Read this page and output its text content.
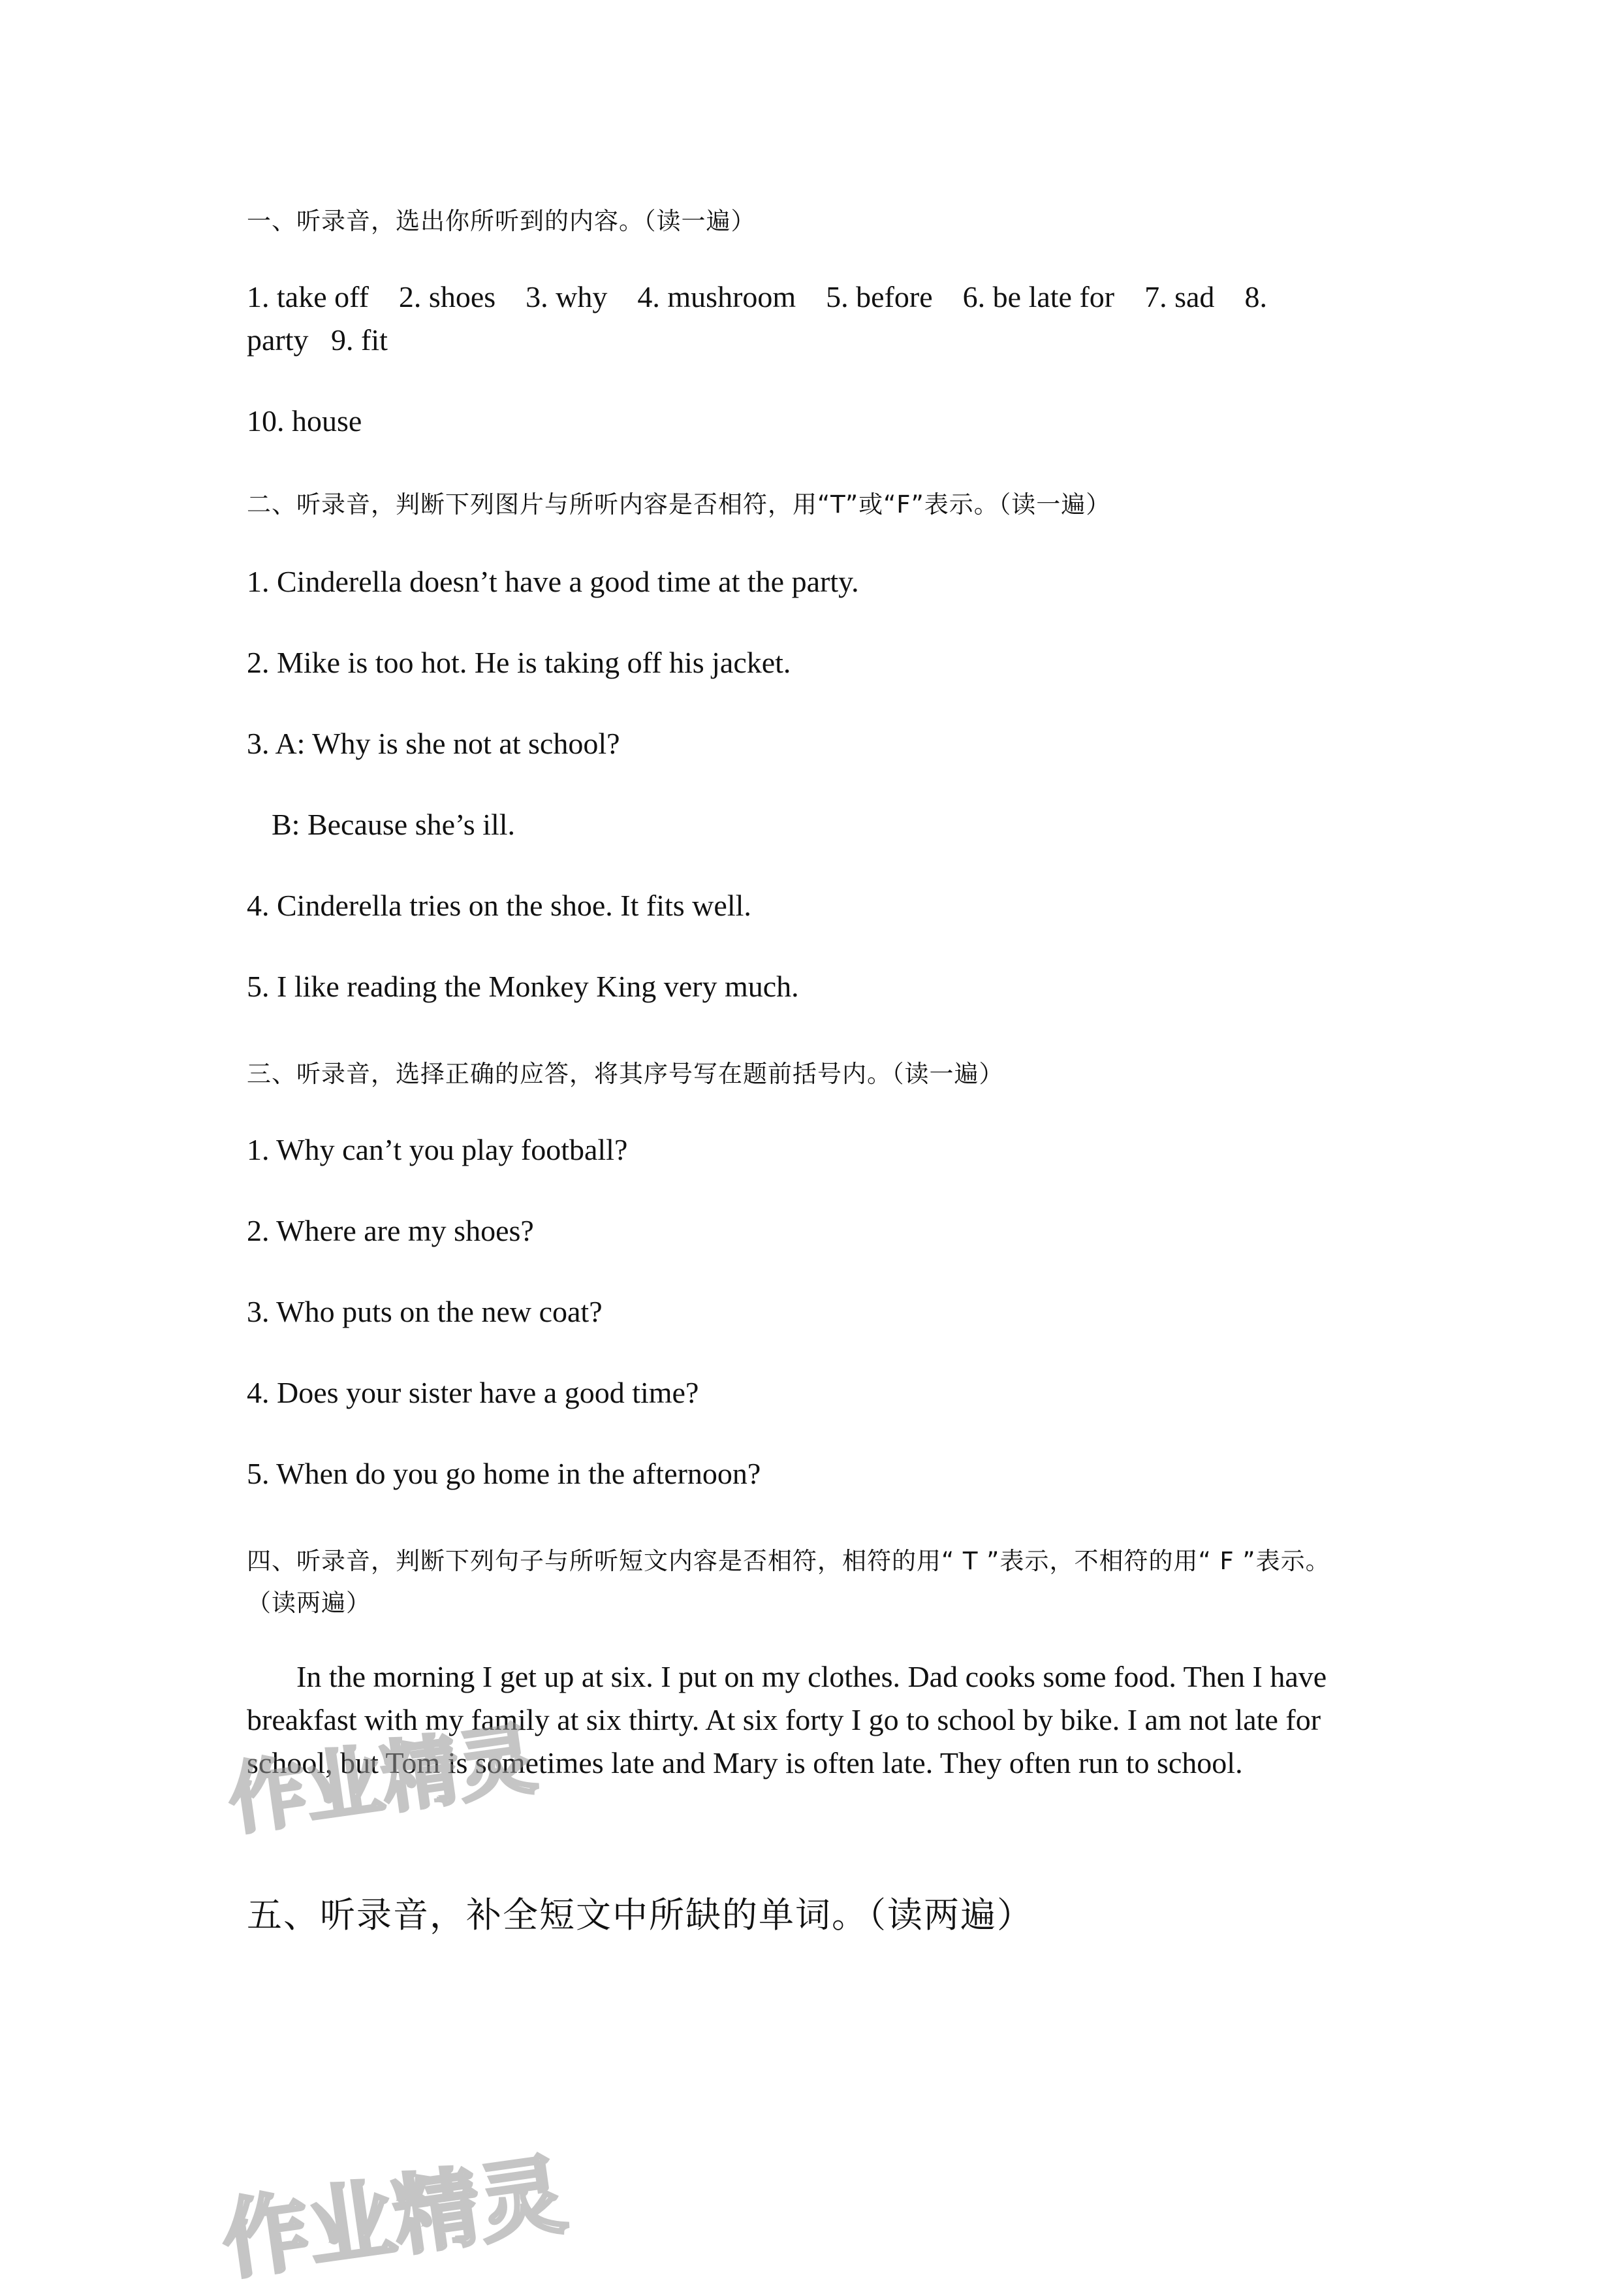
一、听录音，选出你所听到的内容。（读一遍）
1. take off 2. shoes 3. why 4. mushroom 5. before 6. be late for 7. sad 8.
party   9. fit
10. house
二、听录音，判断下列图片与所听内容是否相符，用“T”或“F”表示。（读一遍）
1. Cinderella doesn’t have a good time at the party.
2. Mike is too hot. He is taking off his jacket.
3. A: Why is she not at school?
B: Because she’s ill.
4. Cinderella tries on the shoe. It fits well.
5. I like reading the Monkey King very much.
三、听录音，选择正确的应答，将其序号写在题前括号内。（读一遍）
1. Why can’t you play football?
2. Where are my shoes?
3. Who puts on the new coat?
4. Does your sister have a good time?
5. When do you go home in the afternoon?
四、听录音，判断下列句子与所听短文内容是否相符，相符的用“ T ”表示，不相符的用“ F ”表示。
（读两遍）
In the morning I get up at six. I put on my clothes. Dad cooks some food. Then I have breakfast with my family at six thirty. At six forty I go to school by bike. I am not late for school, but Tom is sometimes late and Mary is often late. They often run to school.
五、听录音，补全短文中所缺的单词。（读两遍）
作业精灵
作业精灵
